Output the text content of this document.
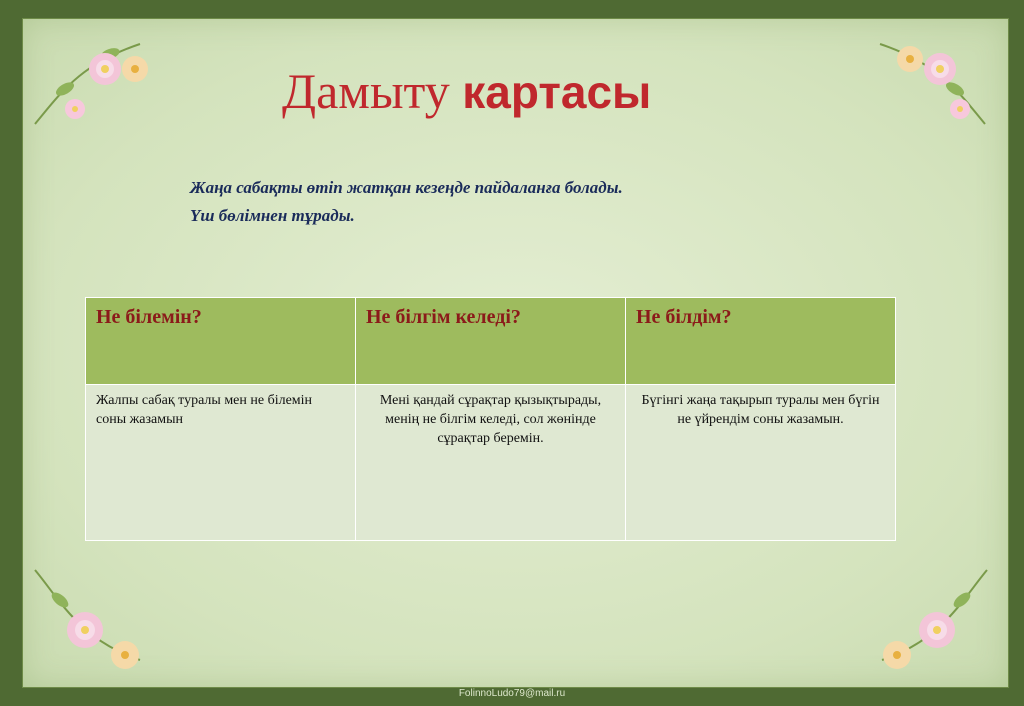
Дамыту картасы
Жаңа сабақты өтіп жатқан кезеңде пайдаланға болады.
Үш бөлімнен тұрады.
Не білемін?	Не білгім келеді?	Не білдім?
Жалпы сабақ туралы мен не білемін соны жазамын	Мені қандай сұрақтар қызықтырады, менің не білгім келеді, сол жөнінде сұрақтар беремін.	Бүгінгі жаңа тақырып туралы мен бүгін не үйрендім соны жазамын.
FolinnoLudo79@mail.ru
